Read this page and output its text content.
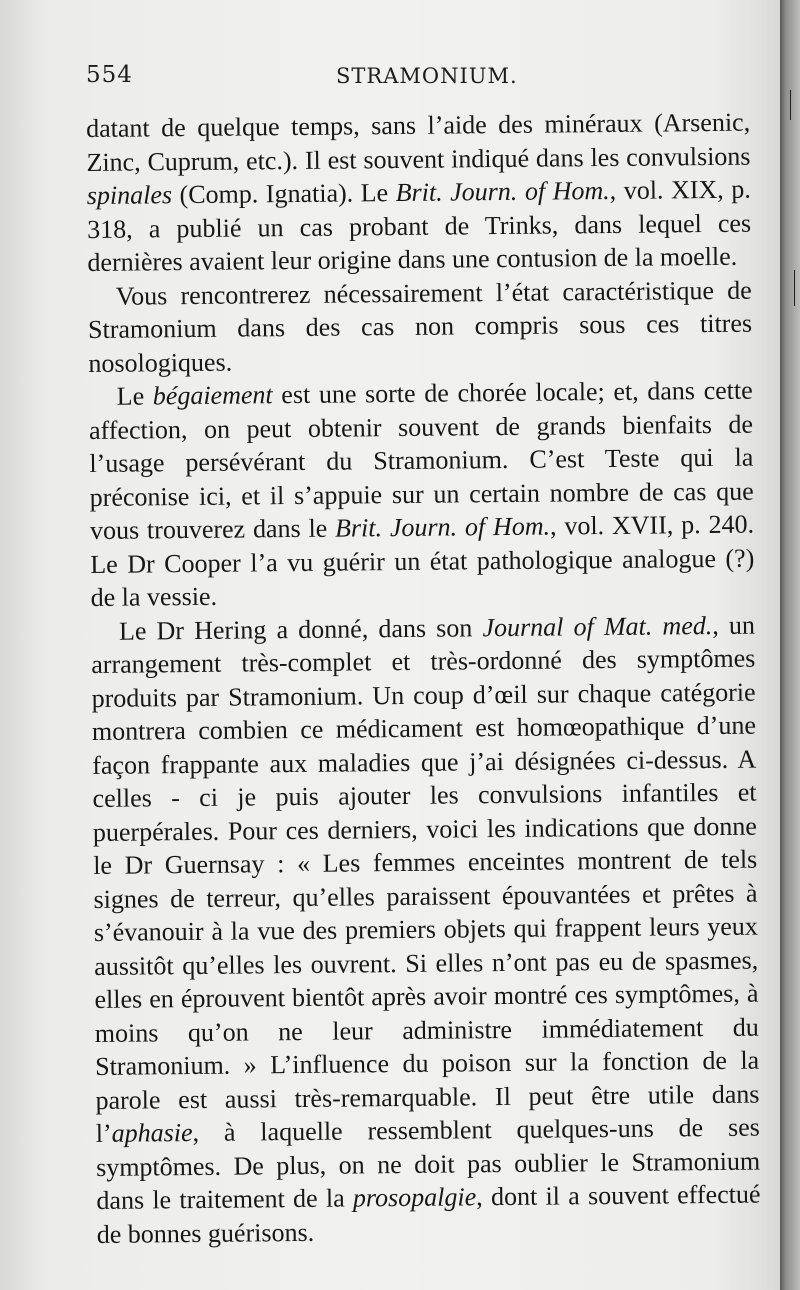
554	STRAMONIUM.

datant de quelque temps, sans l’aide des minéraux (Arsenic, Zinc, Cuprum, etc.). Il est souvent indiqué dans les convulsions spinales (Comp. Ignatia). Le Brit. Journ. of Hom., vol. XIX, p. 318, a publié un cas probant de Trinks, dans lequel ces dernières avaient leur origine dans une contusion de la moelle.

Vous rencontrerez nécessairement l’état caractéristique de Stramonium dans des cas non compris sous ces titres nosologiques.

Le bégaiement est une sorte de chorée locale; et, dans cette affection, on peut obtenir souvent de grands bienfaits de l’usage persévérant du Stramonium. C’est Teste qui la préconise ici, et il s’appuie sur un certain nombre de cas que vous trouverez dans le Brit. Journ. of Hom., vol. XVII, p. 240. Le Dr Cooper l’a vu guérir un état pathologique analogue (?) de la vessie.

Le Dr Hering a donné, dans son Journal of Mat. med., un arrangement très-complet et très-ordonné des symptômes produits par Stramonium. Un coup d’œil sur chaque catégorie montrera combien ce médicament est homœopathique d’une façon frappante aux maladies que j’ai désignées ci-dessus. A celles - ci je puis ajouter les convulsions infantiles et puerpérales. Pour ces derniers, voici les indications que donne le Dr Guernsay : « Les femmes enceintes montrent de tels signes de terreur, qu’elles paraissent épouvantées et prêtes à s’évanouir à la vue des premiers objets qui frappent leurs yeux aussitôt qu’elles les ouvrent. Si elles n’ont pas eu de spasmes, elles en éprouvent bientôt après avoir montré ces symptômes, à moins qu’on ne leur administre immédiatement du Stramonium. » L’influence du poison sur la fonction de la parole est aussi très-remarquable. Il peut être utile dans l’aphasie, à laquelle ressemblent quelques-uns de ses symptômes. De plus, on ne doit pas oublier le Stramonium dans le traitement de la prosopalgie, dont il a souvent effectué de bonnes guérisons.
